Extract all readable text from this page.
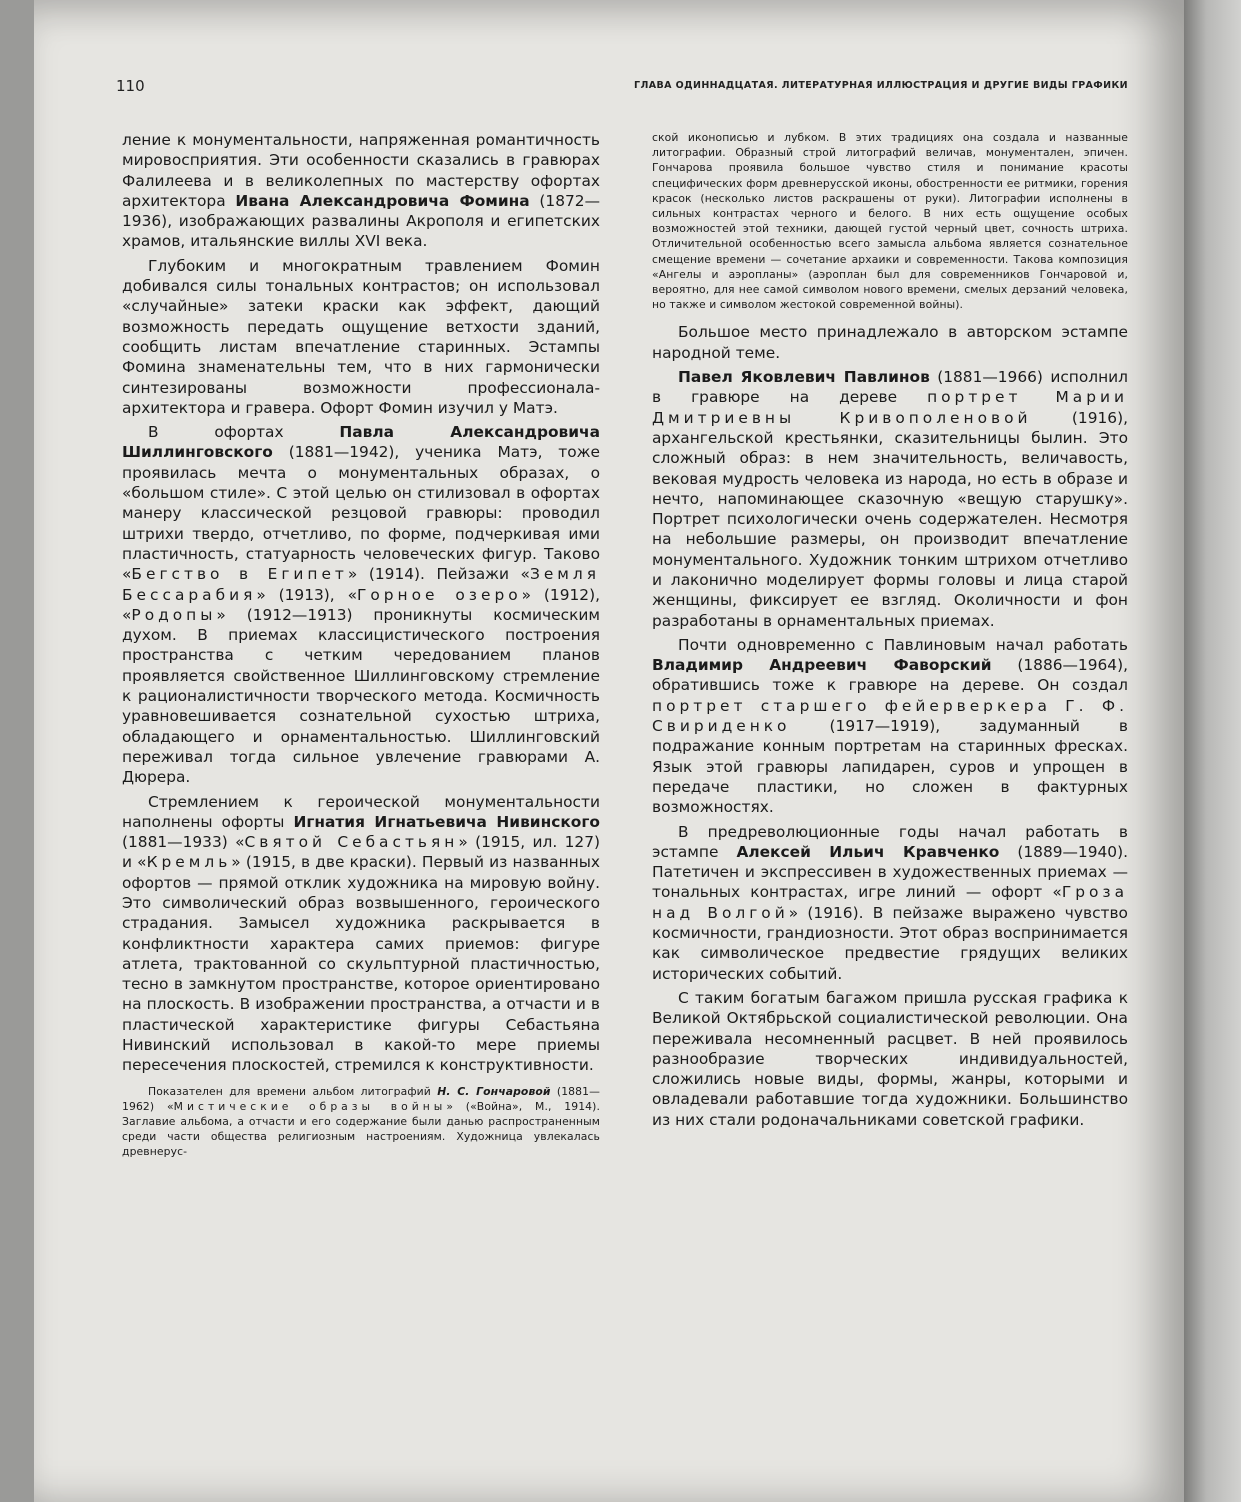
110	ГЛАВА ОДИННАДЦАТАЯ. ЛИТЕРАТУРНАЯ ИЛЛЮСТРАЦИЯ И ДРУГИЕ ВИДЫ ГРАФИКИ

ление к монументальности, напряженная романтичность мировосприятия. Эти особенности сказались в гравюрах Фалилеева и в великолепных по мастерству офортах архитектора Ивана Александровича Фомина (1872—1936), изображающих развалины Акрополя и египетских храмов, итальянские виллы XVI века.

Глубоким и многократным травлением Фомин добивался силы тональных контрастов; он использовал «случайные» затеки краски как эффект, дающий возможность передать ощущение ветхости зданий, сообщить листам впечатление старинных. Эстампы Фомина знаменательны тем, что в них гармонически синтезированы возможности профессионала-архитектора и гравера. Офорт Фомин изучил у Матэ.

В офортах Павла Александровича Шиллинговского (1881—1942), ученика Матэ, тоже проявилась мечта о монументальных образах, о «большом стиле». С этой целью он стилизовал в офортах манеру классической резцовой гравюры: проводил штрихи твердо, отчетливо, по форме, подчеркивая ими пластичность, статуарность человеческих фигур. Таково «Бегство в Египет» (1914). Пейзажи «Земля Бессарабия» (1913), «Горное озеро» (1912), «Родопы» (1912—1913) проникнуты космическим духом. В приемах классицистического построения пространства с четким чередованием планов проявляется свойственное Шиллинговскому стремление к рационалистичности творческого метода. Космичность уравновешивается сознательной сухостью штриха, обладающего и орнаментальностью. Шиллинговский переживал тогда сильное увлечение гравюрами А. Дюрера.

Стремлением к героической монументальности наполнены офорты Игнатия Игнатьевича Нивинского (1881—1933) «Святой Себастьян» (1915, ил. 127) и «Кремль» (1915, в две краски). Первый из названных офортов — прямой отклик художника на мировую войну. Это символический образ возвышенного, героического страдания. Замысел художника раскрывается в конфликтности характера самих приемов: фигуре атлета, трактованной со скульптурной пластичностью, тесно в замкнутом пространстве, которое ориентировано на плоскость. В изображении пространства, а отчасти и в пластической характеристике фигуры Себастьяна Нивинский использовал в какой-то мере приемы пересечения плоскостей, стремился к конструктивности.

Показателен для времени альбом литографий Н. С. Гончаровой (1881—1962) «Мистические образы войны» («Война», М., 1914). Заглавие альбома, а отчасти и его содержание были данью распространенным среди части общества религиозным настроениям. Художница увлекалась древнерус-

ской иконописью и лубком. В этих традициях она создала и названные литографии. Образный строй литографий величав, монументален, эпичен. Гончарова проявила большое чувство стиля и понимание красоты специфических форм древнерусской иконы, обостренности ее ритмики, горения красок (несколько листов раскрашены от руки). Литографии исполнены в сильных контрастах черного и белого. В них есть ощущение особых возможностей этой техники, дающей густой черный цвет, сочность штриха. Отличительной особенностью всего замысла альбома является сознательное смещение времени — сочетание архаики и современности. Такова композиция «Ангелы и аэропланы» (аэроплан был для современников Гончаровой и, вероятно, для нее самой символом нового времени, смелых дерзаний человека, но также и символом жестокой современной войны).

Большое место принадлежало в авторском эстампе народной теме.

Павел Яковлевич Павлинов (1881—1966) исполнил в гравюре на дереве портрет Марии Дмитриевны Кривополеновой (1916), архангельской крестьянки, сказительницы былин. Это сложный образ: в нем значительность, величавость, вековая мудрость человека из народа, но есть в образе и нечто, напоминающее сказочную «вещую старушку». Портрет психологически очень содержателен. Несмотря на небольшие размеры, он производит впечатление монументального. Художник тонким штрихом отчетливо и лаконично моделирует формы головы и лица старой женщины, фиксирует ее взгляд. Околичности и фон разработаны в орнаментальных приемах.

Почти одновременно с Павлиновым начал работать Владимир Андреевич Фаворский (1886—1964), обратившись тоже к гравюре на дереве. Он создал портрет старшего фейерверкера Г. Ф. Свириденко (1917—1919), задуманный в подражание конным портретам на старинных фресках. Язык этой гравюры лапидарен, суров и упрощен в передаче пластики, но сложен в фактурных возможностях.

В предреволюционные годы начал работать в эстампе Алексей Ильич Кравченко (1889—1940). Патетичен и экспрессивен в художественных приемах — тональных контрастах, игре линий — офорт «Гроза над Волгой» (1916). В пейзаже выражено чувство космичности, грандиозности. Этот образ воспринимается как символическое предвестие грядущих великих исторических событий.

С таким богатым багажом пришла русская графика к Великой Октябрьской социалистической революции. Она переживала несомненный расцвет. В ней проявилось разнообразие творческих индивидуальностей, сложились новые виды, формы, жанры, которыми и овладевали работавшие тогда художники. Большинство из них стали родоначальниками советской графики.
